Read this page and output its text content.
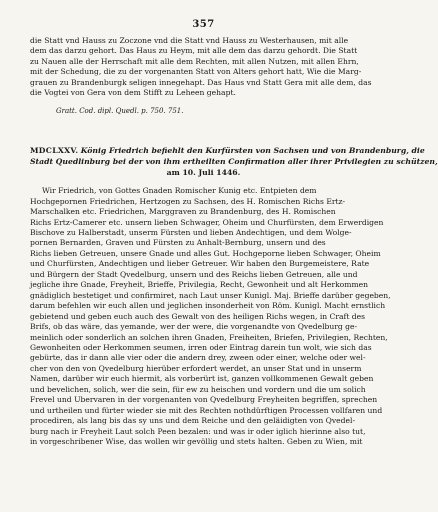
357
die Statt vnd Hauss zu Zoczone vnd die Statt vnd Hauss zu Westerhausen, mit alle
dem das darzu gehort. Das Haus zu Heym, mit alle dem das darzu gehordt. Die Statt
zu Nauen alle der Herrschaft mit alle dem Rechten, mit allen Nutzen, mit allen Ehrn,
mit der Schedung, die zu der vorgenanten Statt von Alters gehort hatt, Wie die Marg-
grauen zu Brandenburgk seligen innegehapt. Das Haus vnd Statt Gera mit alle dem, das
die Vogtei von Gera von dem Stifft zu Leheen gehapt.
Gratt. Cod. dipl. Quedl. p. 750. 751.
MDCLXXV. König Friedrich befiehlt den Kurfürsten von Sachsen und von Brandenburg, die
Stadt Quedlinburg bei der von ihm ertheilten Confirmation aller ihrer Privilegien zu schützen,
am 10. Juli 1446.
Wir Friedrich, von Gottes Gnaden Romischer Kunig etc. Entpieten dem
Hochgepornen Friedrichen, Hertzogen zu Sachsen, des H. Romischen Richs Ertz-
Marschalken etc. Friedrichen, Marggraven zu Brandenburg, des H. Romischen
Richs Ertz-Camerer etc. unsern lieben Schwager, Oheim und Churfürsten, dem Erwerdigen
Bischove zu Halberstadt, unserm Fürsten und lieben Andechtigen, und dem Wolge-
pornen Bernarden, Graven und Fürsten zu Anhalt-Bernburg, unsern und des
Richs lieben Getreuen, unsere Gnade und alles Gut. Hochgeporne lieben Schwager, Oheim
und Churfürsten, Andechtigen und lieber Getreuer. Wir haben den Burgemeistere, Rate
und Bürgern der Stadt Qvedelburg, unsern und des Reichs lieben Getreuen, alle und
jegliche ihre Gnade, Freyheit, Brieffe, Privilegia, Recht, Gewonheit und alt Herkommen
gnädiglich bestetiget und confirmiret, nach Laut unser Kunigl. Maj. Brieffe darüber gegeben,
darum befehlen wir euch allen und jeglichen insonderheit von Röm. Kunigl. Macht ernstlich
gebietend und geben euch auch des Gewalt von des heiligen Richs wegen, in Craft des
Brifs, ob das wäre, das yemande, wer der were, die vorgenandte von Qvedelburg ge-
meinlich oder sonderlich an solchen ihren Gnaden, Freiheiten, Briefen, Privilegien, Rechten,
Gewonheiten oder Herkommen seumen, irren oder Eintrag darein tun wolt, wie sich das
gebürte, das ir dann alle vier oder die andern drey, zween oder einer, welche oder wel-
cher von den von Qvedelburg hierüber erfordert werdet, an unser Stat und in unserm
Namen, darüber wir euch hiermit, als vorberürt ist, ganzen vollkommenen Gewalt geben
und bevelichen, solich, wer die sein, für ew zu heischen und vordern und die um solich
Frevel und Ubervaren in der vorgenanten von Qvedelburg Freyheiten begriffen, sprechen
und urtheilen und fürter wieder sie mit des Rechten nothdürftigen Processen vollfaren und
procediren, als lang bis das sy uns und dem Reiche und den geläidigten von Qvedel-
burg nach ir Freyheit Laut solch Peen bezalen: und was ir oder iglich hierinne also tut,
in vorgeschribener Wise, das wollen wir gevöllig und stets halten. Geben zu Wien, mit
